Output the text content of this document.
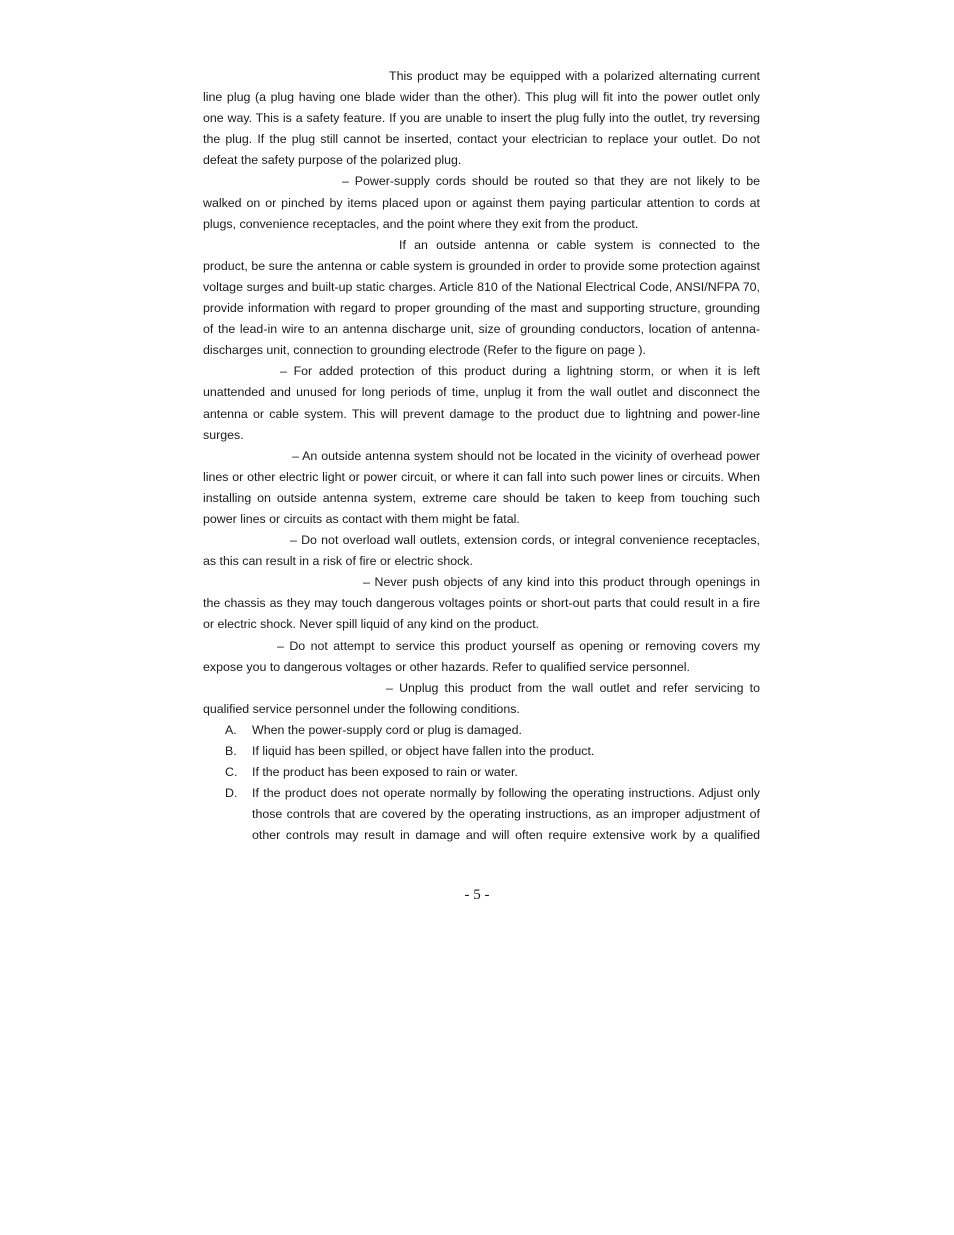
This product may be equipped with a polarized alternating current line plug (a plug having one blade wider than the other). This plug will fit into the power outlet only one way. This is a safety feature. If you are unable to insert the plug fully into the outlet, try reversing the plug. If the plug still cannot be inserted, contact your electrician to replace your outlet. Do not defeat the safety purpose of the polarized plug.

– Power-supply cords should be routed so that they are not likely to be walked on or pinched by items placed upon or against them paying particular attention to cords at plugs, convenience receptacles, and the point where they exit from the product.

If an outside antenna or cable system is connected to the product, be sure the antenna or cable system is grounded in order to provide some protection against voltage surges and built-up static charges. Article 810 of the National Electrical Code, ANSI/NFPA 70, provide information with regard to proper grounding of the mast and supporting structure, grounding of the lead-in wire to an antenna discharge unit, size of grounding conductors, location of antenna-discharges unit, connection to grounding electrode (Refer to the figure on page ).

– For added protection of this product during a lightning storm, or when it is left unattended and unused for long periods of time, unplug it from the wall outlet and disconnect the antenna or cable system. This will prevent damage to the product due to lightning and power-line surges.

– An outside antenna system should not be located in the vicinity of overhead power lines or other electric light or power circuit, or where it can fall into such power lines or circuits. When installing on outside antenna system, extreme care should be taken to keep from touching such power lines or circuits as contact with them might be fatal.

– Do not overload wall outlets, extension cords, or integral convenience receptacles, as this can result in a risk of fire or electric shock.

– Never push objects of any kind into this product through openings in the chassis as they may touch dangerous voltages points or short-out parts that could result in a fire or electric shock. Never spill liquid of any kind on the product.

– Do not attempt to service this product yourself as opening or removing covers my expose you to dangerous voltages or other hazards. Refer to qualified service personnel.

– Unplug this product from the wall outlet and refer servicing to qualified service personnel under the following conditions.

A.	When the power-supply cord or plug is damaged.
B.	If liquid has been spilled, or object have fallen into the product.
C.	If the product has been exposed to rain or water.
D.	If the product does not operate normally by following the operating instructions. Adjust only those controls that are covered by the operating instructions, as an improper adjustment of other controls may result in damage and will often require extensive work by a qualified
- 5 -
